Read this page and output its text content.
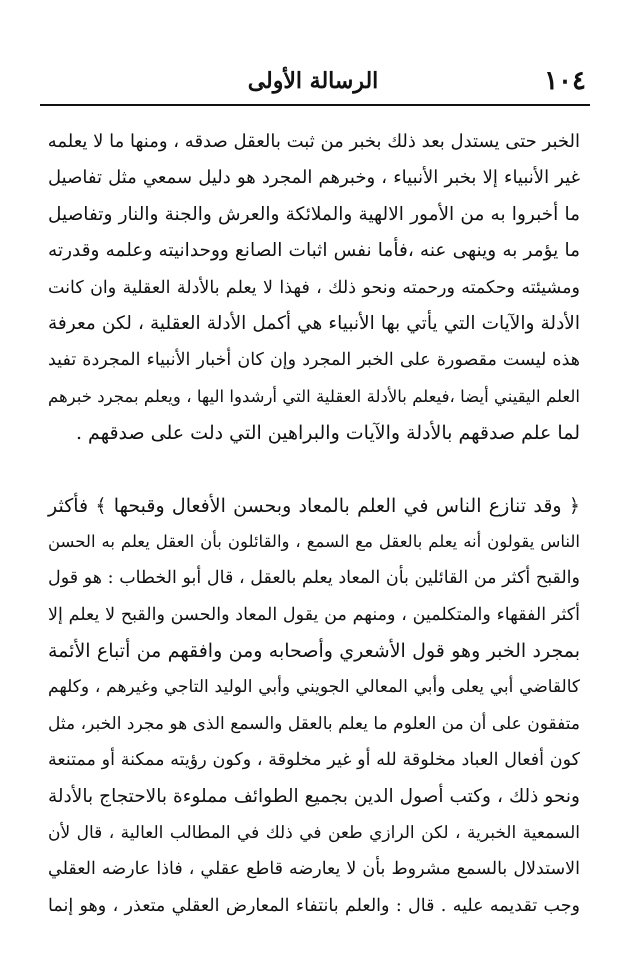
١٠٤
الرسالة الأولى
الخبر حتى يستدل بعد ذلك بخبر من ثبت بالعقل صدقه ، ومنها ما لا يعلمه
غير الأنبياء إلا بخبر الأنبياء ، وخبرهم المجرد هو دليل سمعي مثل تفاصيل
ما أخبروا به من الأمور الالهية والملائكة والعرش والجنة والنار وتفاصيل
ما يؤمر به وينهى عنه ،فأما نفس اثبات الصانع ووحدانيته وعلمه وقدرته
ومشيئته وحكمته ورحمته ونحو ذلك ، فهذا لا يعلم بالأدلة العقلية وان كانت
الأدلة والآيات التي يأتي بها الأنبياء هي أكمل الأدلة العقلية ، لكن معرفة
هذه ليست مقصورة على الخبر المجرد وإن كان أخبار الأنبياء المجردة تفيد
العلم اليقيني أيضا ،فيعلم بالأدلة العقلية التي أرشدوا اليها ، ويعلم بمجرد خبرهم
لما علم صدقهم بالأدلة والآيات والبراهين التي دلت على صدقهم .
﴿ وقد تنازع الناس في العلم بالمعاد وبحسن الأفعال وقبحها ﴾ فأكثر
الناس يقولون أنه يعلم بالعقل مع السمع ، والقائلون بأن العقل يعلم به الحسن
والقبح أكثر من القائلين بأن المعاد يعلم بالعقل ، قال أبو الخطاب : هو قول
أكثر الفقهاء والمتكلمين ، ومنهم من يقول المعاد والحسن والقبح لا يعلم إلا
بمجرد الخبر وهو قول الأشعري وأصحابه ومن وافقهم من أتباع الأئمة
كالقاضي أبي يعلى وأبي المعالي الجويني وأبي الوليد التاجي وغيرهم ، وكلهم
متفقون على أن من العلوم ما يعلم بالعقل والسمع الذى هو مجرد الخبر، مثل
كون أفعال العباد مخلوقة لله أو غير مخلوقة ، وكون رؤيته ممكنة أو ممتنعة
ونحو ذلك ، وكتب أصول الدين بجميع الطوائف مملوءة بالاحتجاج بالأدلة
السمعية الخبرية ، لكن الرازي طعن في ذلك في المطالب العالية ، قال لأن
الاستدلال بالسمع مشروط بأن لا يعارضه قاطع عقلي ، فاذا عارضه العقلي
وجب تقديمه عليه . قال : والعلم بانتفاء المعارض العقلي متعذر ، وهو إنما
